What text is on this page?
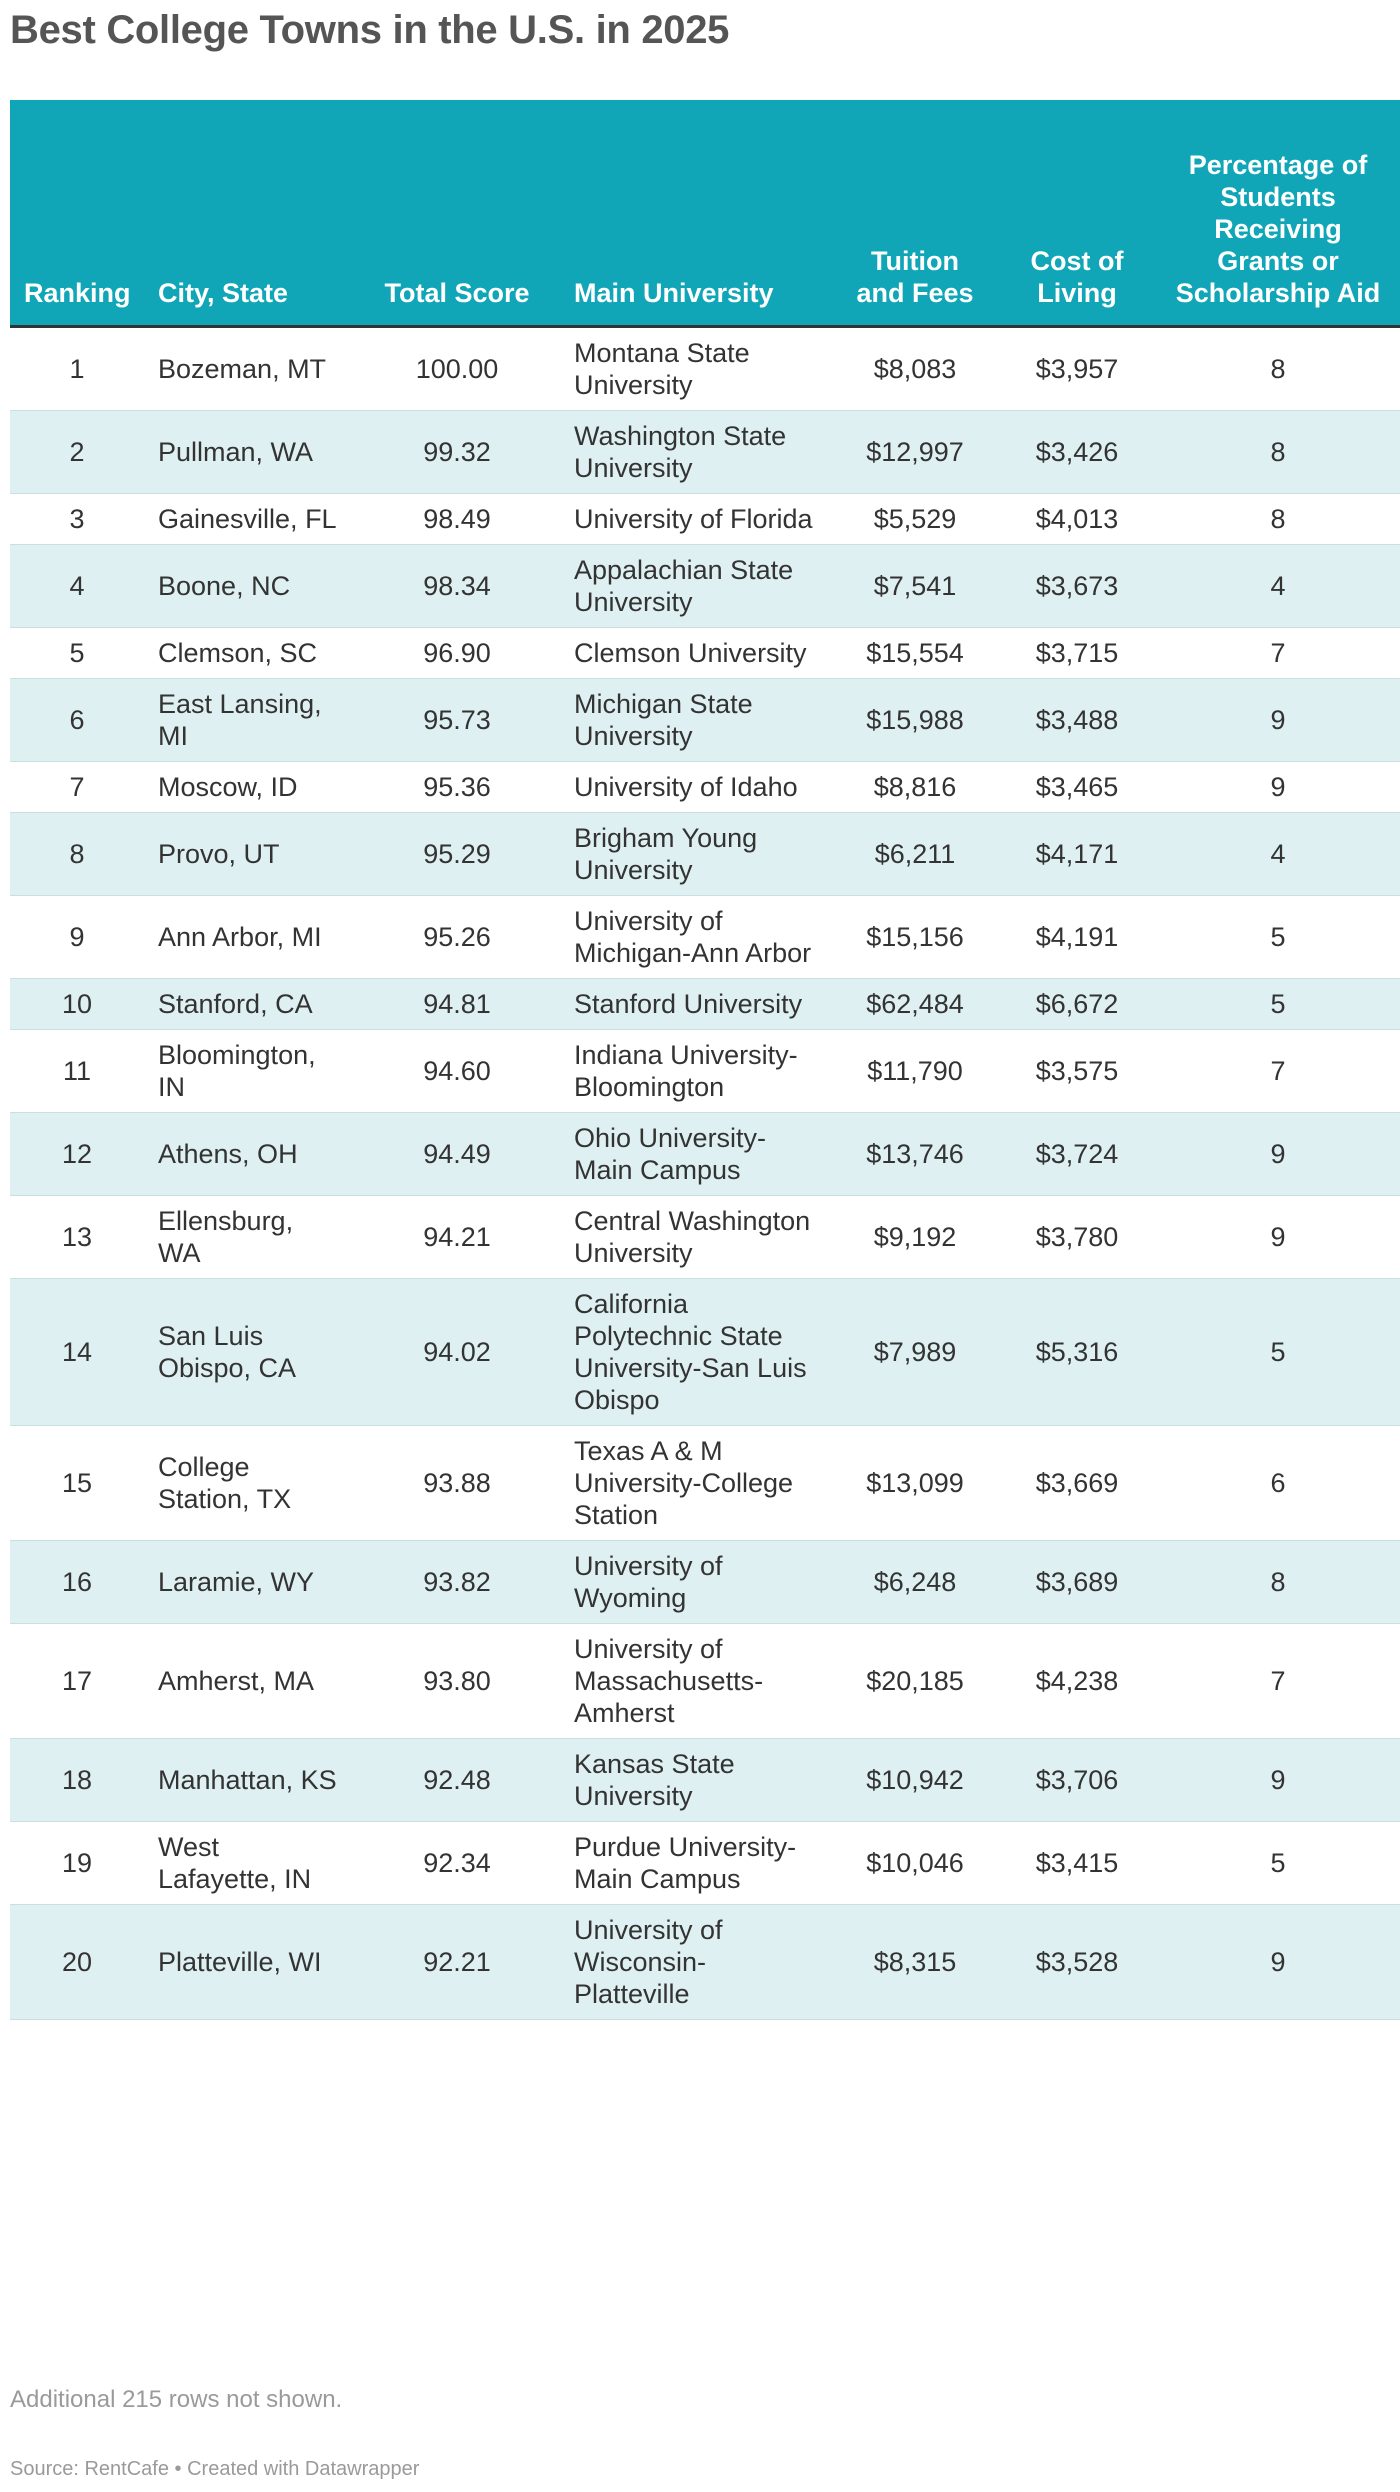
Best College Towns in the U.S. in 2025
Ranking	City, State	Total Score	Main University	Tuition and Fees	Cost of Living	Percentage of Students Receiving Grants or Scholarship Aid
1	Bozeman, MT	100.00	Montana State University	$8,083	$3,957	8
2	Pullman, WA	99.32	Washington State University	$12,997	$3,426	8
3	Gainesville, FL	98.49	University of Florida	$5,529	$4,013	8
4	Boone, NC	98.34	Appalachian State University	$7,541	$3,673	4
5	Clemson, SC	96.90	Clemson University	$15,554	$3,715	7
6	East Lansing, MI	95.73	Michigan State University	$15,988	$3,488	9
7	Moscow, ID	95.36	University of Idaho	$8,816	$3,465	9
8	Provo, UT	95.29	Brigham Young University	$6,211	$4,171	4
9	Ann Arbor, MI	95.26	University of Michigan-Ann Arbor	$15,156	$4,191	5
10	Stanford, CA	94.81	Stanford University	$62,484	$6,672	5
11	Bloomington, IN	94.60	Indiana University-Bloomington	$11,790	$3,575	7
12	Athens, OH	94.49	Ohio University-Main Campus	$13,746	$3,724	9
13	Ellensburg, WA	94.21	Central Washington University	$9,192	$3,780	9
14	San Luis Obispo, CA	94.02	California Polytechnic State University-San Luis Obispo	$7,989	$5,316	5
15	College Station, TX	93.88	Texas A & M University-College Station	$13,099	$3,669	6
16	Laramie, WY	93.82	University of Wyoming	$6,248	$3,689	8
17	Amherst, MA	93.80	University of Massachusetts-Amherst	$20,185	$4,238	7
18	Manhattan, KS	92.48	Kansas State University	$10,942	$3,706	9
19	West Lafayette, IN	92.34	Purdue University-Main Campus	$10,046	$3,415	5
20	Platteville, WI	92.21	University of Wisconsin-Platteville	$8,315	$3,528	9
Additional 215 rows not shown.
Source: RentCafe • Created with Datawrapper
